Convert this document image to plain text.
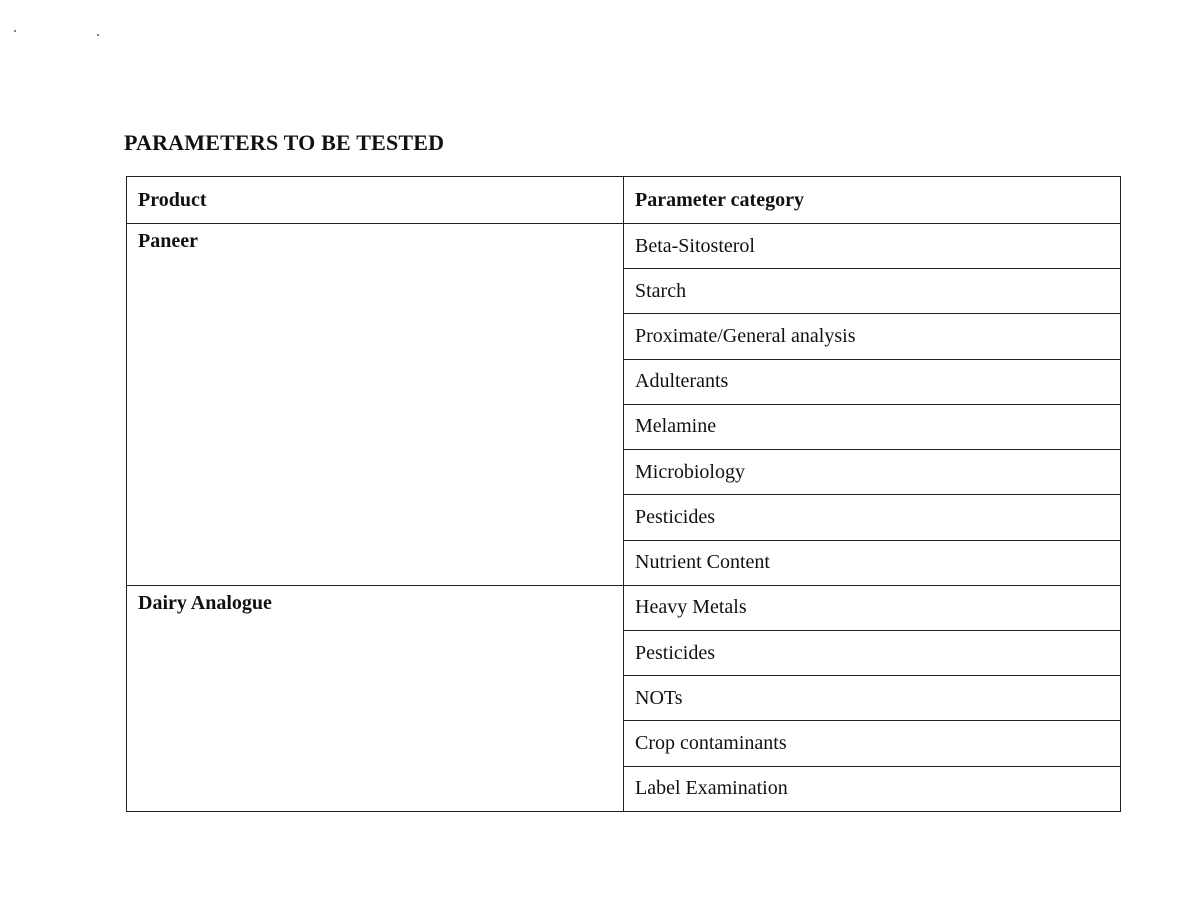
PARAMETERS TO BE TESTED
Product	Parameter category
Paneer	Beta-Sitosterol
	Starch
	Proximate/General analysis
	Adulterants
	Melamine
	Microbiology
	Pesticides
	Nutrient Content
Dairy Analogue	Heavy Metals
	Pesticides
	NOTs
	Crop contaminants
	Label Examination
